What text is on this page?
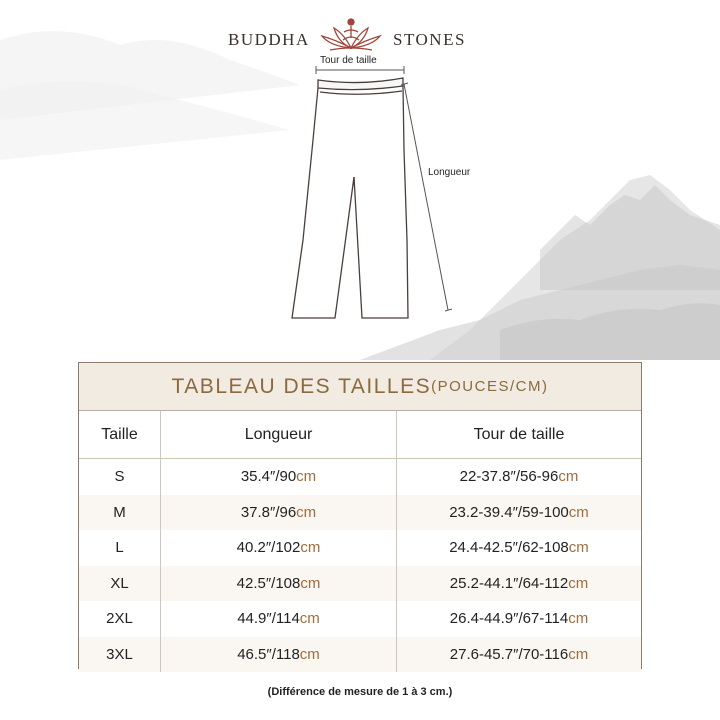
BUDDHA	STONES
Tour de taille
Longueur
TABLEAU DES TAILLES (POUCES/CM)
Taille	Longueur	Tour de taille
S	35.4″/90 cm	22-37.8″/56-96 cm
M	37.8″/96 cm	23.2-39.4″/59-100 cm
L	40.2″/102 cm	24.4-42.5″/62-108 cm
XL	42.5″/108 cm	25.2-44.1″/64-112 cm
2XL	44.9″/114 cm	26.4-44.9″/67-114 cm
3XL	46.5″/118 cm	27.6-45.7″/70-116 cm
(Différence de mesure de 1 à 3 cm.)
